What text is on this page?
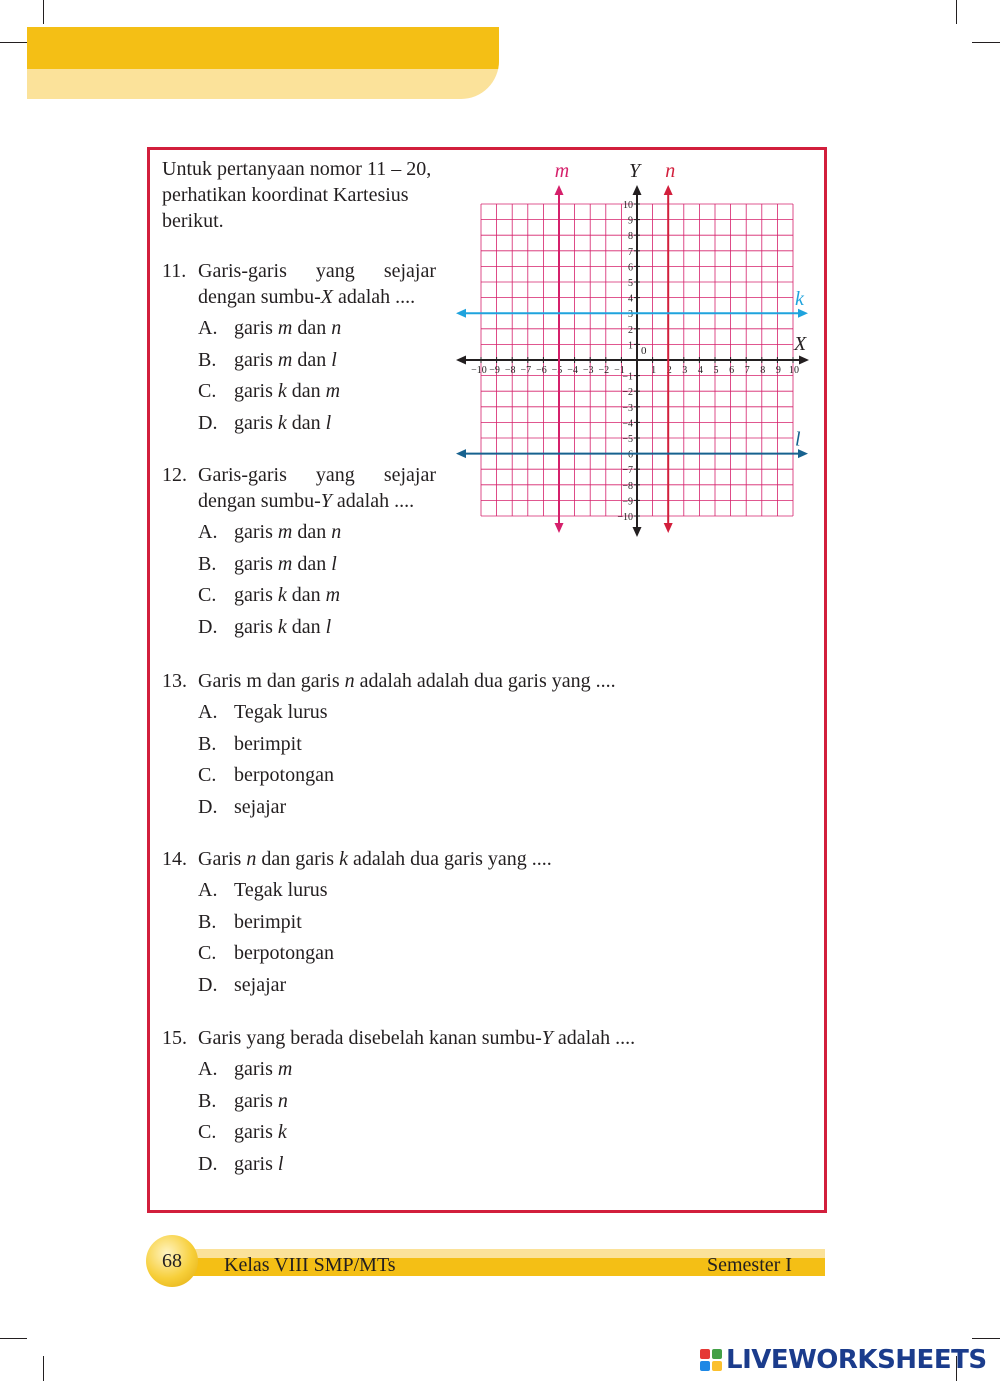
Untuk pertanyaan nomor 11 – 20, perhatikan koordinat Kartesius berikut.
11. Garis-garis yang sejajar dengan sumbu-X adalah ....
A. garis m dan n
B. garis m dan l
C. garis k dan m
D. garis k dan l
12. Garis-garis yang sejajar dengan sumbu-Y adalah ....
A. garis m dan n
B. garis m dan l
C. garis k dan m
D. garis k dan l
13. Garis m dan garis n adalah adalah dua garis yang ....
A. Tegak lurus
B. berimpit
C. berpotongan
D. sejajar
14. Garis n dan garis k adalah dua garis yang ....
A. Tegak lurus
B. berimpit
C. berpotongan
D. sejajar
15. Garis yang berada disebelah kanan sumbu-Y adalah ....
A. garis m
B. garis n
C. garis k
D. garis l
−10
−10
−9
−9
−8
−8
−7
−7
−6
−6
−5
−5
−4
−4
−3
−3
−2
−2
−1
−1
1
1
2
2
3
3
4
4
5
5
6
6
7
7
8
8
9
9
10
10
0	X
Y
m	n
k
l
68	Kelas VIII SMP/MTs	Semester I
LIVEWORKSHEETS
